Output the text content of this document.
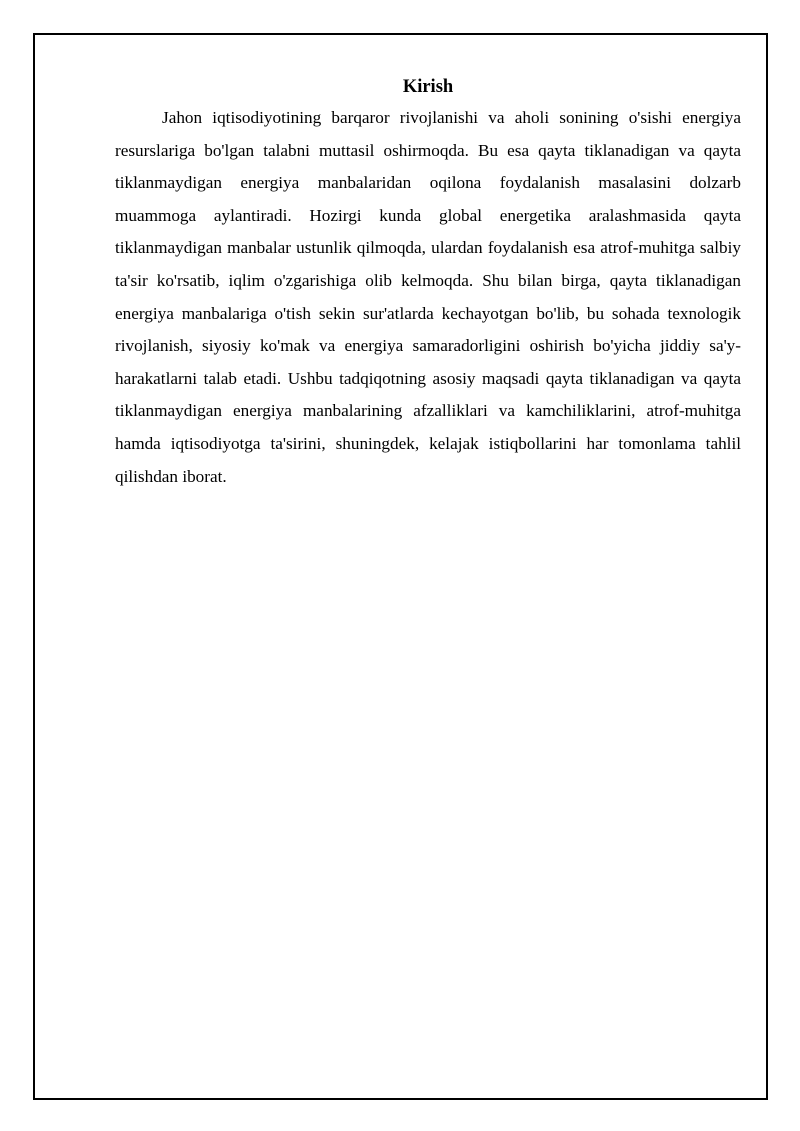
Kirish

Jahon iqtisodiyotining barqaror rivojlanishi va aholi sonining o'sishi energiya resurslariga bo'lgan talabni muttasil oshirmoqda. Bu esa qayta tiklanadigan va qayta tiklanmaydigan energiya manbalaridan oqilona foydalanish masalasini dolzarb muammoga aylantiradi. Hozirgi kunda global energetika aralashmasida qayta tiklanmaydigan manbalar ustunlik qilmoqda, ulardan foydalanish esa atrof-muhitga salbiy ta'sir ko'rsatib, iqlim o'zgarishiga olib kelmoqda. Shu bilan birga, qayta tiklanadigan energiya manbalariga o'tish sekin sur'atlarda kechayotgan bo'lib, bu sohada texnologik rivojlanish, siyosiy ko'mak va energiya samaradorligini oshirish bo'yicha jiddiy sa'y-harakatlarni talab etadi. Ushbu tadqiqotning asosiy maqsadi qayta tiklanadigan va qayta tiklanmaydigan energiya manbalarining afzalliklari va kamchiliklarini, atrof-muhitga hamda iqtisodiyotga ta'sirini, shuningdek, kelajak istiqbollarini har tomonlama tahlil qilishdan iborat.
